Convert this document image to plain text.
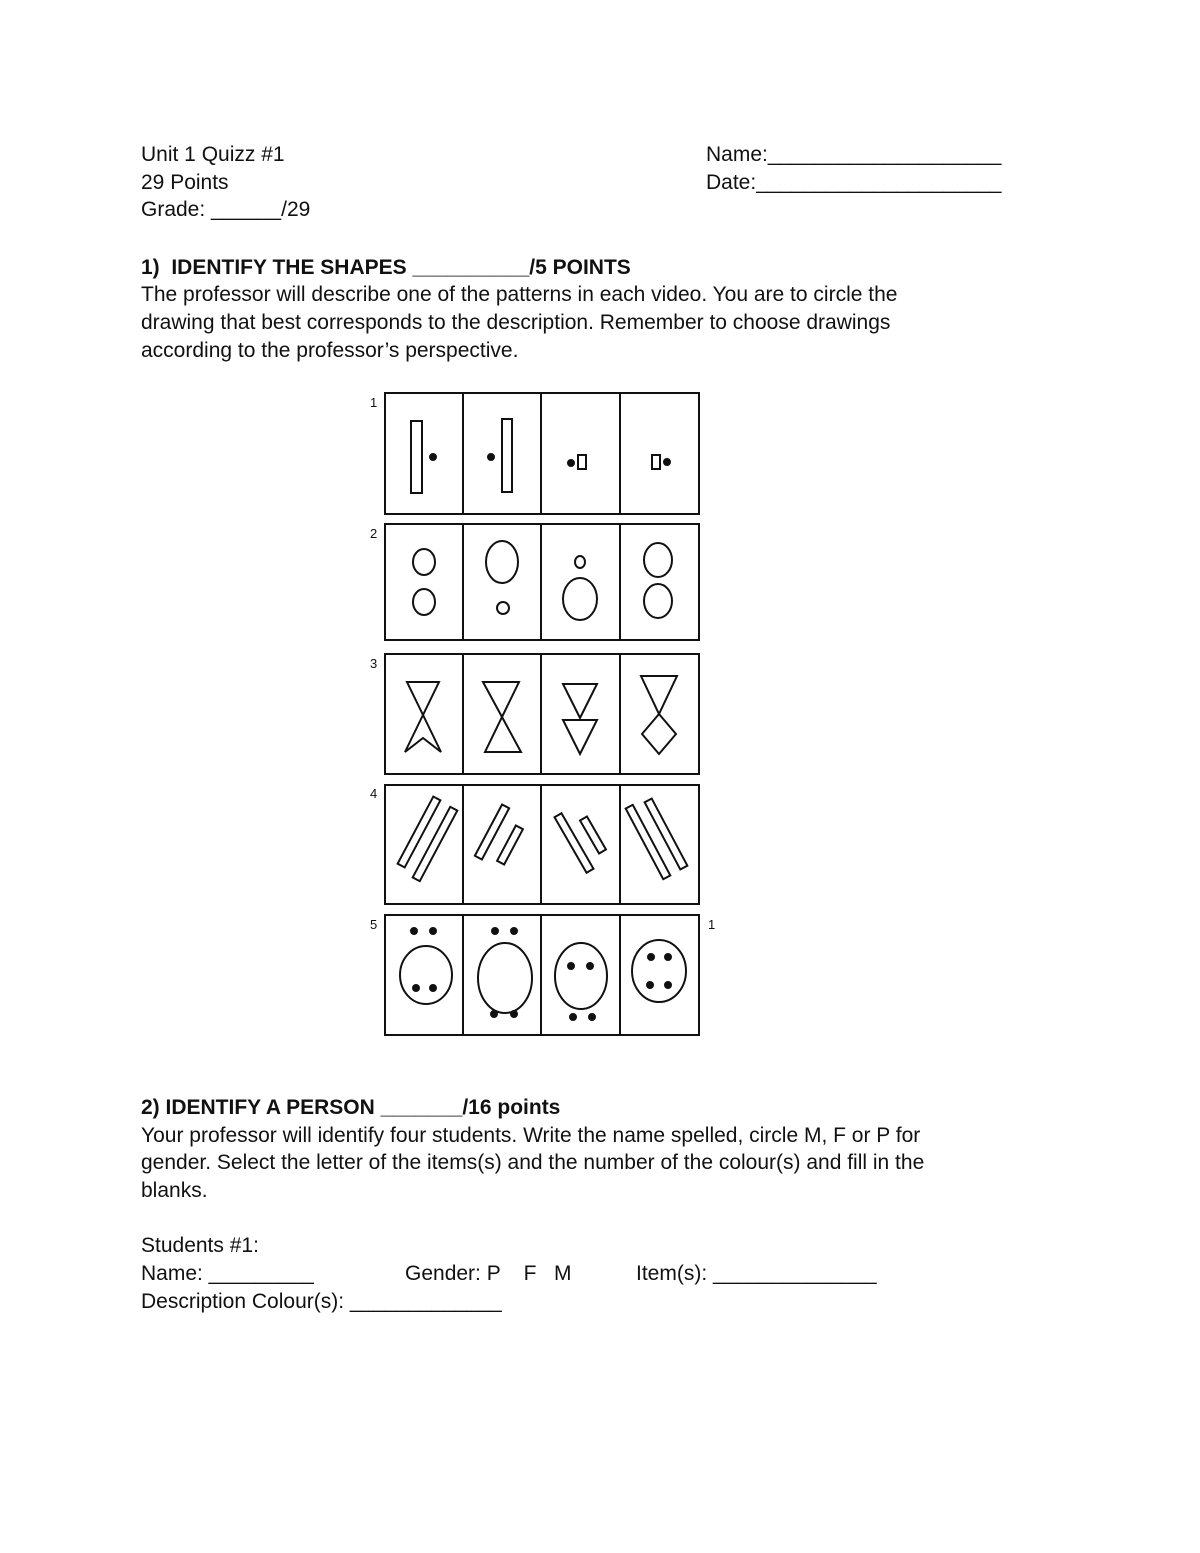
Unit 1 Quizz #1
29 Points
Grade: ______/29
Name:____________________
Date:_____________________
1)  IDENTIFY THE SHAPES __________/5 POINTS
The professor will describe one of the patterns in each video. You are to circle the
drawing that best corresponds to the description. Remember to choose drawings
according to the professor’s perspective.
1
2
3
4
5	1
2) IDENTIFY A PERSON _______/16 points
Your professor will identify four students. Write the name spelled, circle M, F or P for
gender. Select the letter of the items(s) and the number of the colour(s) and fill in the
blanks.
Students #1:
Name: _________	Gender: P    F   M	Item(s): ______________
Description Colour(s): _____________
